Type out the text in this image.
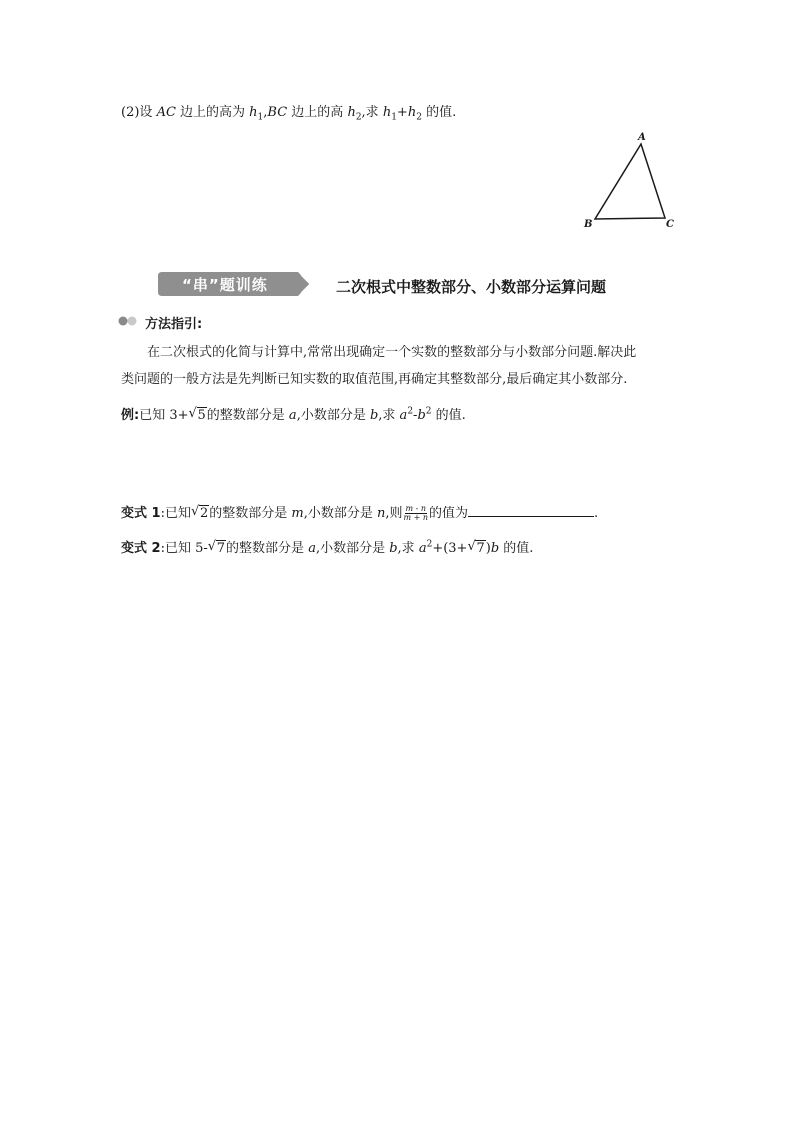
(2)设 AC 边上的高为 $h_1,BC$ 边上的高 $h_2$,求 $h_1+h_2$ 的值.
A
B	C
“串”题训练	二次根式中整数部分、小数部分运算问题
方法指引:
在二次根式的化简与计算中,常常出现确定一个实数的整数部分与小数部分问题.解决此
类问题的一般方法是先判断已知实数的取值范围,再确定其整数部分,最后确定其小数部分.
例:已知 3+√ 5的整数部分是 a,小数部分是 b,求 $a^2-b^2$ 的值.
变式 1:已知√ 2的整数部分是 m,小数部分是 n,则 $\frac{m - n}{m + n}$ 的值为	.
变式 2:已知 5-√ 7的整数部分是 a,小数部分是 b,求 $a^2+(3+√$ 7)b 的值.
